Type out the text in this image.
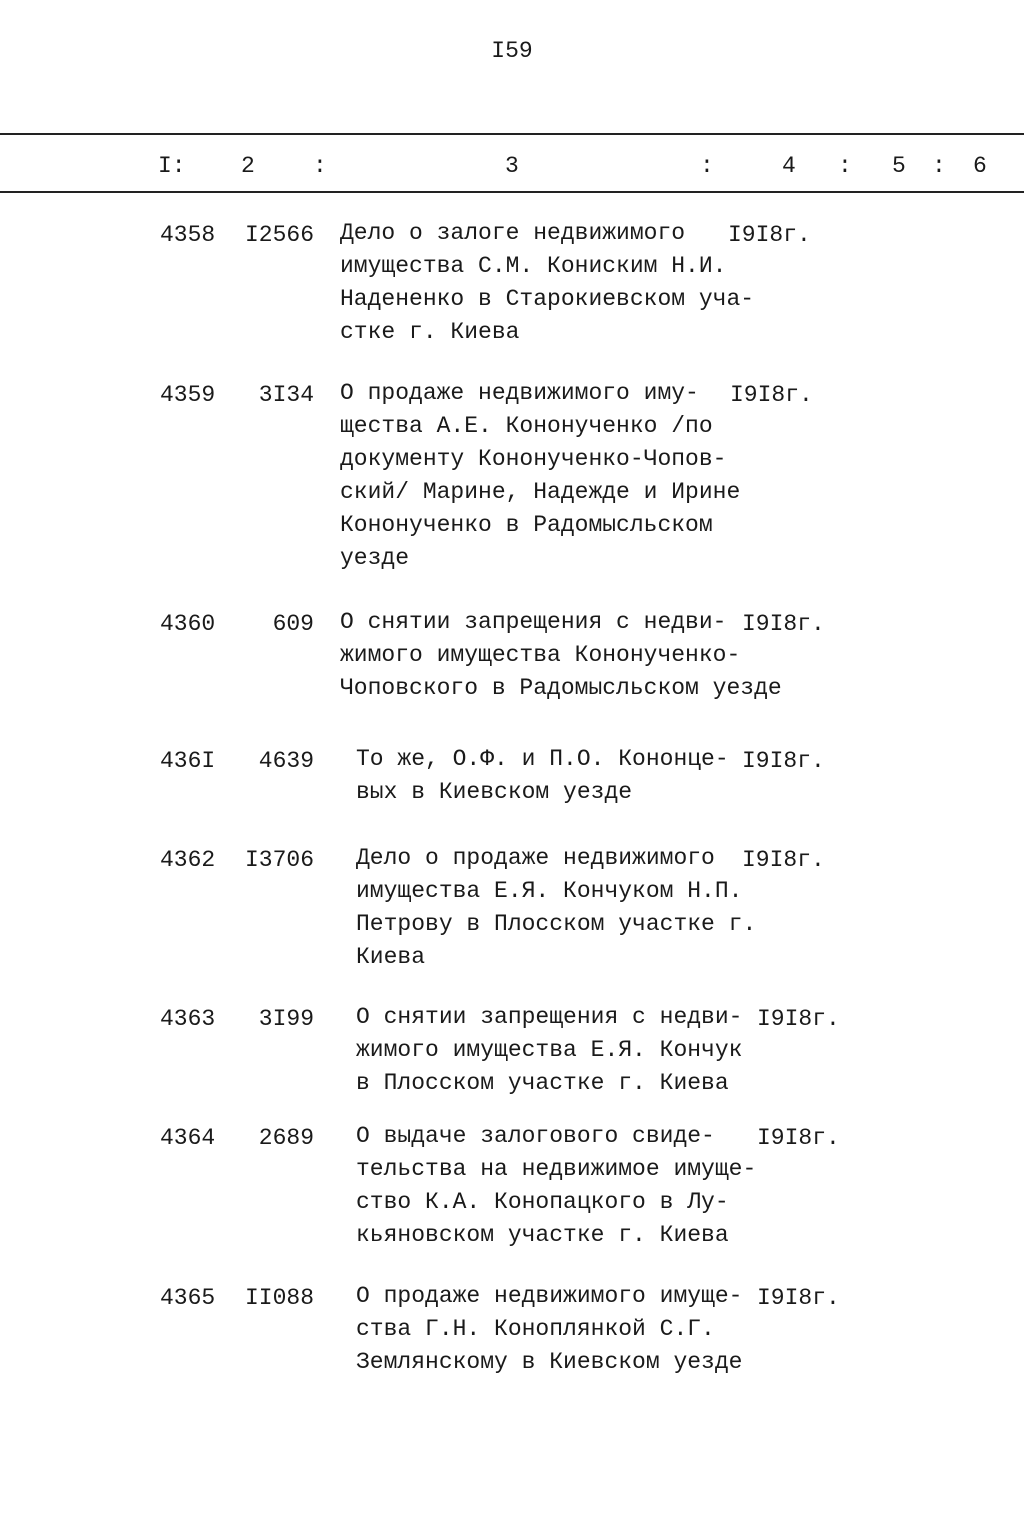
I59
I: 2	:	3	:	4 : 5 : 6
4358 I2566 Дело о залоге недвижимого
имущества С.М. Кониским Н.И.
Надененко в Старокиевском уча-
стке г. Киева
I9I8г.
4359 3I34 О продаже недвижимого иму-
щества А.Е. Кононученко /по
документу Кононученко-Чопов-
ский/ Марине, Надежде и Ирине
Кононученко в Радомысльском
уезде
I9I8г.
4360 609 О снятии запрещения с недви-
жимого имущества Кононученко-
Чоповского в Радомысльском уезде
I9I8г.
436I 4639 То же, О.Ф. и П.О. Кононце-
вых в Киевском уезде
I9I8г.
4362 I3706 Дело о продаже недвижимого
имущества Е.Я. Кончуком Н.П.
Петрову в Плосском участке г.
Киева
I9I8г.
4363 3I99 О снятии запрещения с недви-
жимого имущества Е.Я. Кончук
в Плосском участке г. Киева
I9I8г.
4364 2689 О выдаче залогового свиде-
тельства на недвижимое имуще-
ство К.А. Конопацкого в Лу-
кьяновском участке г. Киева
I9I8г.
4365 II088 О продаже недвижимого имуще-
ства Г.Н. Коноплянкой С.Г.
Землянскому в Киевском уезде
I9I8г.
